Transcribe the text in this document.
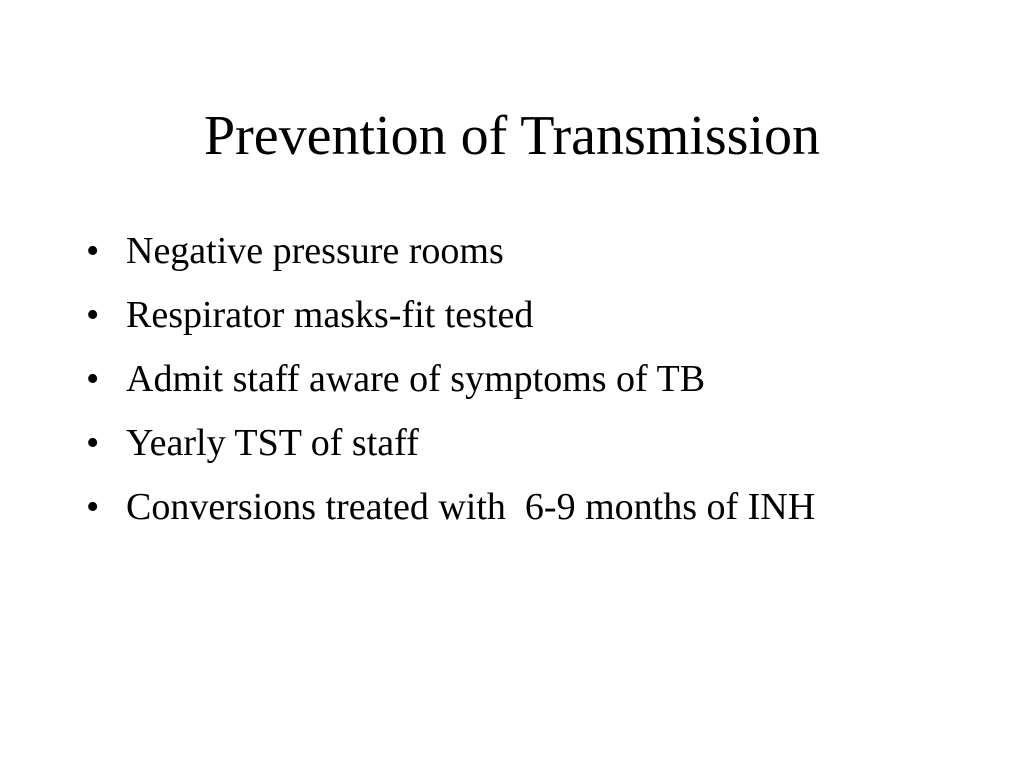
Prevention of Transmission
• Negative pressure rooms
• Respirator masks-fit tested
• Admit staff aware of symptoms of TB
• Yearly TST of staff
• Conversions treated with  6-9 months of INH
